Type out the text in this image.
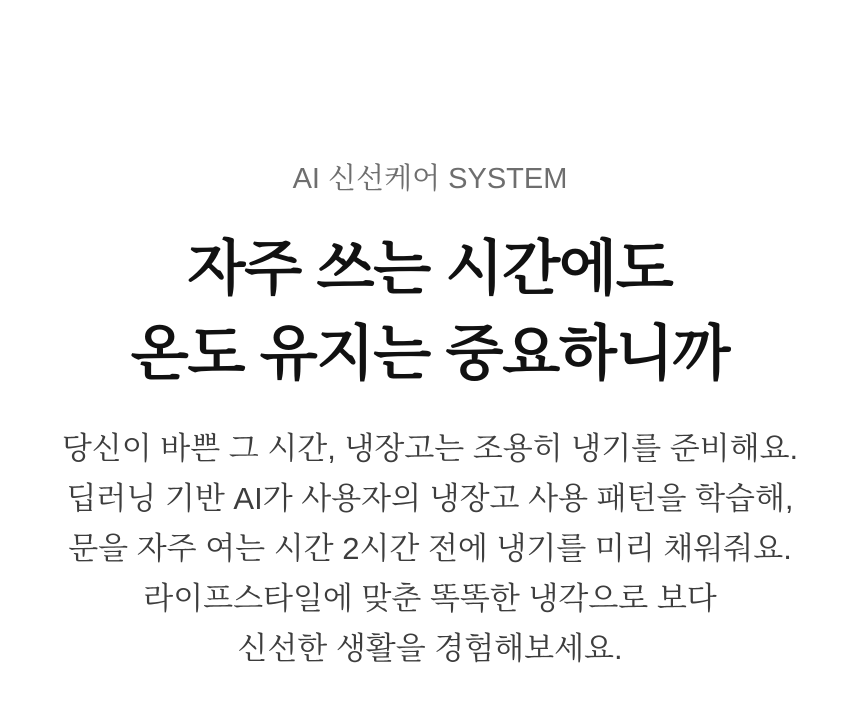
AI 신선케어 SYSTEM

자주 쓰는 시간에도
온도 유지는 중요하니까

당신이 바쁜 그 시간, 냉장고는 조용히 냉기를 준비해요.
딥러닝 기반 AI가 사용자의 냉장고 사용 패턴을 학습해,
문을 자주 여는 시간 2시간 전에 냉기를 미리 채워줘요.
라이프스타일에 맞춘 똑똑한 냉각으로 보다
신선한 생활을 경험해보세요.
